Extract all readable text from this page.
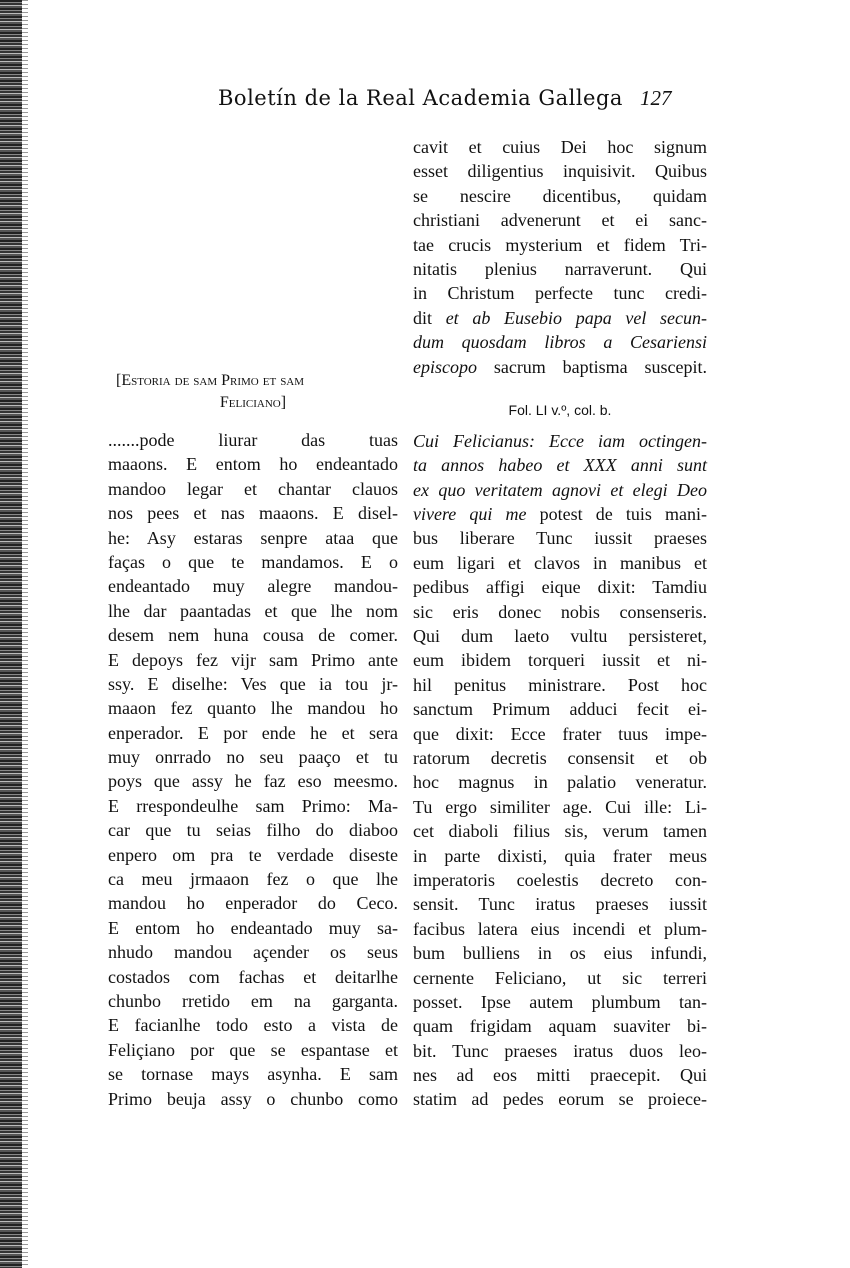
Boletín de la Real Academia Gallega 127
[Estoria de sam Primo et sam
Feliciano]
.......pode liurar das tuas
maaons. E entom ho endeantado
mandoo legar et chantar clauos
nos pees et nas maaons. E disel-
he: Asy estaras senpre ataa que
faças o que te mandamos. E o
endeantado muy alegre mandou-
lhe dar paantadas et que lhe nom
desem nem huna cousa de comer.
E depoys fez vijr sam Primo ante
ssy. E diselhe: Ves que ia tou jr-
maaon fez quanto lhe mandou ho
enperador. E por ende he et sera
muy onrrado no seu paaço et tu
poys que assy he faz eso meesmo.
E rrespondeulhe sam Primo: Ma-
car que tu seias filho do diaboo
enpero om pra te verdade diseste
ca meu jrmaaon fez o que lhe
mandou ho enperador do Ceco.
E entom ho endeantado muy sa-
nhudo mandou açender os seus
costados com fachas et deitarlhe
chunbo rretido em na garganta.
E facianlhe todo esto a vista de
Feliçiano por que se espantase et
se tornase mays asynha. E sam
Primo beuja assy o chunbo como
cavit et cuius Dei hoc signum
esset diligentius inquisivit. Quibus
se nescire dicentibus, quidam
christiani advenerunt et ei sanc-
tae crucis mysterium et fidem Tri-
nitatis plenius narraverunt. Qui
in Christum perfecte tunc credi-
dit et ab Eusebio papa vel secun-
dum quosdam libros a Cesariensi
episcopo sacrum baptisma suscepit.
Fol. LI v.º, col. b.
Cui Felicianus: Ecce iam octingen-
ta annos habeo et XXX anni sunt
ex quo veritatem agnovi et elegi Deo
vivere qui me potest de tuis mani-
bus liberare Tunc iussit praeses
eum ligari et clavos in manibus et
pedibus affigi eique dixit: Tamdiu
sic eris donec nobis consenseris.
Qui dum laeto vultu persisteret,
eum ibidem torqueri iussit et ni-
hil penitus ministrare. Post hoc
sanctum Primum adduci fecit ei-
que dixit: Ecce frater tuus impe-
ratorum decretis consensit et ob
hoc magnus in palatio veneratur.
Tu ergo similiter age. Cui ille: Li-
cet diaboli filius sis, verum tamen
in parte dixisti, quia frater meus
imperatoris coelestis decreto con-
sensit. Tunc iratus praeses iussit
facibus latera eius incendi et plum-
bum bulliens in os eius infundi,
cernente Feliciano, ut sic terreri
posset. Ipse autem plumbum tan-
quam frigidam aquam suaviter bi-
bit. Tunc praeses iratus duos leo-
nes ad eos mitti praecepit. Qui
statim ad pedes eorum se proiece-
